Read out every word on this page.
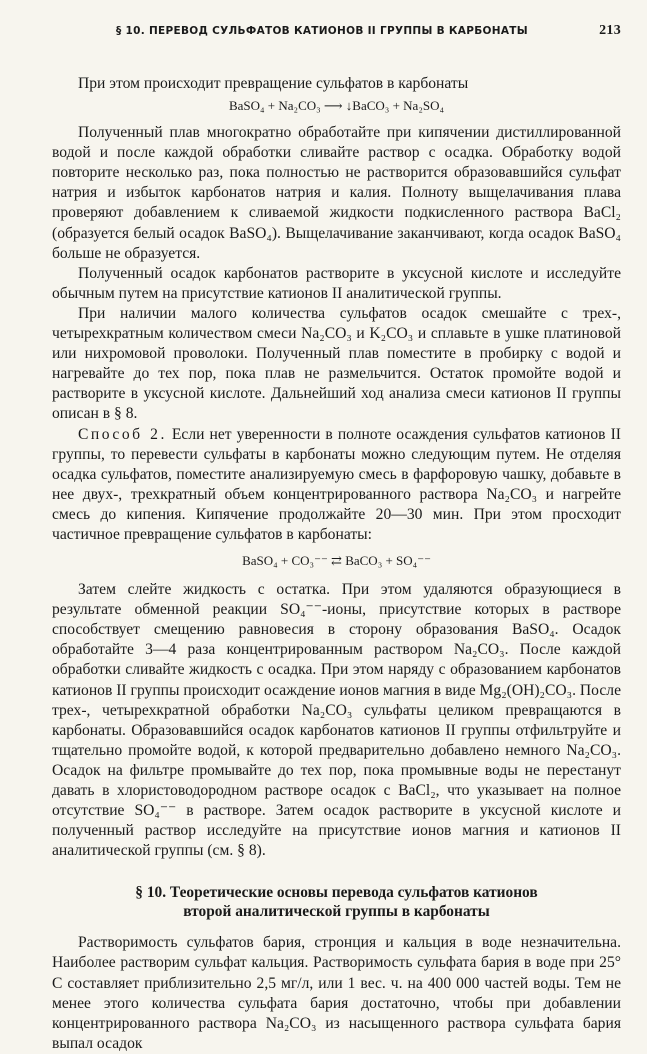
§ 10. ПЕРЕВОД СУЛЬФАТОВ КАТИОНОВ II ГРУППЫ В КАРБОНАТЫ	213

При этом происходит превращение сульфатов в карбонаты

BaSO₄ + Na₂CO₃ ⟶ ↓BaCO₃ + Na₂SO₄

Полученный плав многократно обработайте при кипячении дистиллированной водой и после каждой обработки сливайте раствор с осадка. Обработку водой повторите несколько раз, пока полностью не растворится образовавшийся сульфат натрия и избыток карбонатов натрия и калия. Полноту выщелачивания плава проверяют добавлением к сливаемой жидкости подкисленного раствора BaCl₂ (образуется белый осадок BaSO₄). Выщелачивание заканчивают, когда осадок BaSO₄ больше не образуется.

Полученный осадок карбонатов растворите в уксусной кислоте и исследуйте обычным путем на присутствие катионов II аналитической группы.

При наличии малого количества сульфатов осадок смешайте с трех-, четырехкратным количеством смеси Na₂CO₃ и K₂CO₃ и сплавьте в ушке платиновой или нихромовой проволоки. Полученный плав поместите в пробирку с водой и нагревайте до тех пор, пока плав не размельчится. Остаток промойте водой и растворите в уксусной кислоте. Дальнейший ход анализа смеси катионов II группы описан в § 8.

Способ 2. Если нет уверенности в полноте осаждения сульфатов катионов II группы, то перевести сульфаты в карбонаты можно следующим путем. Не отделяя осадка сульфатов, поместите анализируемую смесь в фарфоровую чашку, добавьте в нее двух-, трехкратный объем концентрированного раствора Na₂CO₃ и нагрейте смесь до кипения. Кипячение продолжайте 20—30 мин. При этом просходит частичное превращение сульфатов в карбонаты:

BaSO₄ + CO₃⁻⁻ ⇄ BaCO₃ + SO₄⁻⁻

Затем слейте жидкость с остатка. При этом удаляются образующиеся в результате обменной реакции SO₄⁻⁻-ионы, присутствие которых в растворе способствует смещению равновесия в сторону образования BaSO₄. Осадок обработайте 3—4 раза концентрированным раствором Na₂CO₃. После каждой обработки сливайте жидкость с осадка. При этом наряду с образованием карбонатов катионов II группы происходит осаждение ионов магния в виде Mg₂(OH)₂CO₃. После трех-, четырехкратной обработки Na₂CO₃ сульфаты целиком превращаются в карбонаты. Образовавшийся осадок карбонатов катионов II группы отфильтруйте и тщательно промойте водой, к которой предварительно добавлено немного Na₂CO₃. Осадок на фильтре промывайте до тех пор, пока промывные воды не перестанут давать в хлористоводородном растворе осадок с BaCl₂, что указывает на полное отсутствие SO₄⁻⁻ в растворе. Затем осадок растворите в уксусной кислоте и полученный раствор исследуйте на присутствие ионов магния и катионов II аналитической группы (см. § 8).

§ 10. Теоретические основы перевода сульфатов катионов
второй аналитической группы в карбонаты

Растворимость сульфатов бария, стронция и кальция в воде незначительна. Наиболее растворим сульфат кальция. Растворимость сульфата бария в воде при 25° С составляет приблизительно 2,5 мг/л, или 1 вес. ч. на 400 000 частей воды. Тем не менее этого количества сульфата бария достаточно, чтобы при добавлении концентрированного раствора Na₂CO₃ из насыщенного раствора сульфата бария выпал осадок
